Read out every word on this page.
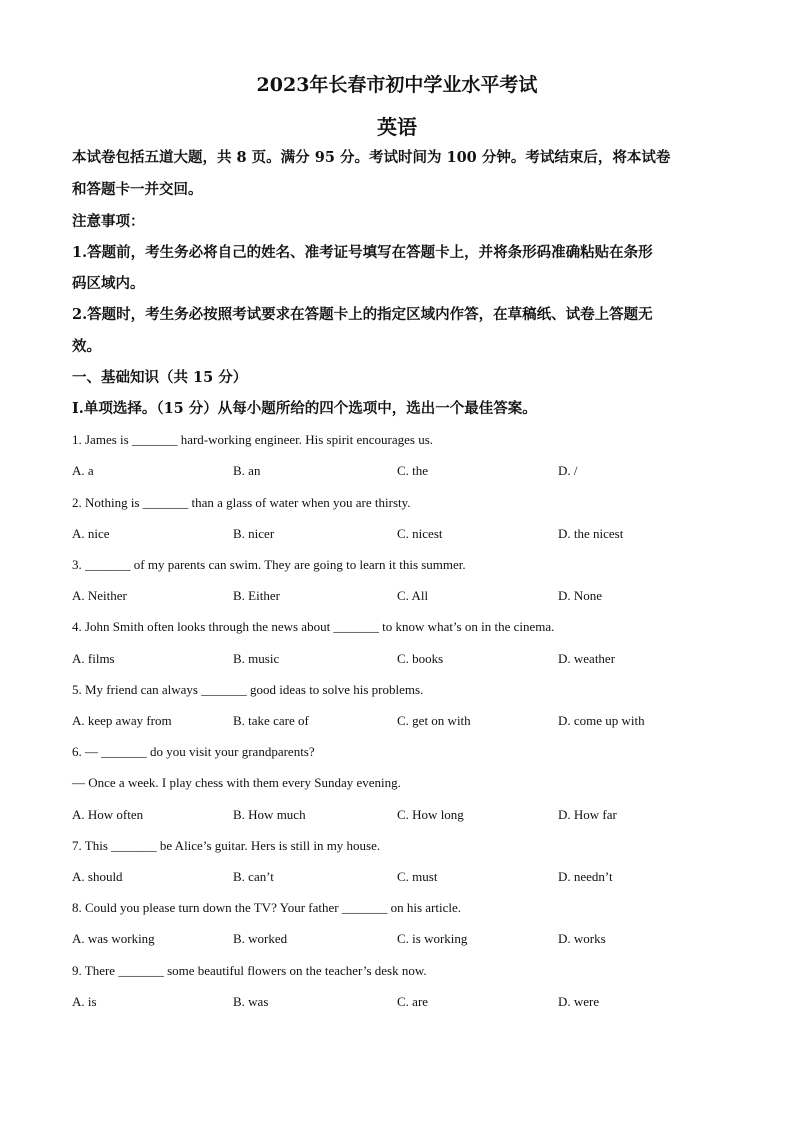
2023年长春市初中学业水平考试
英语
本试卷包括五道大题，共 8 页。满分 95 分。考试时间为 100 分钟。考试结束后，将本试卷
和答题卡一并交回。
注意事项：
1.答题前，考生务必将自己的姓名、准考证号填写在答题卡上，并将条形码准确粘贴在条形
码区域内。
2.答题时，考生务必按照考试要求在答题卡上的指定区域内作答，在草稿纸、试卷上答题无
效。
一、基础知识（共 15 分）
I.单项选择。（15 分）从每小题所给的四个选项中，选出一个最佳答案。
1. James is _______ hard-working engineer. His spirit encourages us.
A. a	B. an	C. the	D. /
2. Nothing is _______ than a glass of water when you are thirsty.
A. nice	B. nicer	C. nicest	D. the nicest
3. _______ of my parents can swim. They are going to learn it this summer.
A. Neither	B. Either	C. All	D. None
4. John Smith often looks through the news about _______ to know what’s on in the cinema.
A. films	B. music	C. books	D. weather
5. My friend can always _______ good ideas to solve his problems.
A. keep away from	B. take care of	C. get on with	D. come up with
6. — _______ do you visit your grandparents?
— Once a week. I play chess with them every Sunday evening.
A. How often	B. How much	C. How long	D. How far
7. This _______ be Alice’s guitar. Hers is still in my house.
A. should	B. can’t	C. must	D. needn’t
8. Could you please turn down the TV? Your father _______ on his article.
A. was working	B. worked	C. is working	D. works
9. There _______ some beautiful flowers on the teacher’s desk now.
A. is	B. was	C. are	D. were
